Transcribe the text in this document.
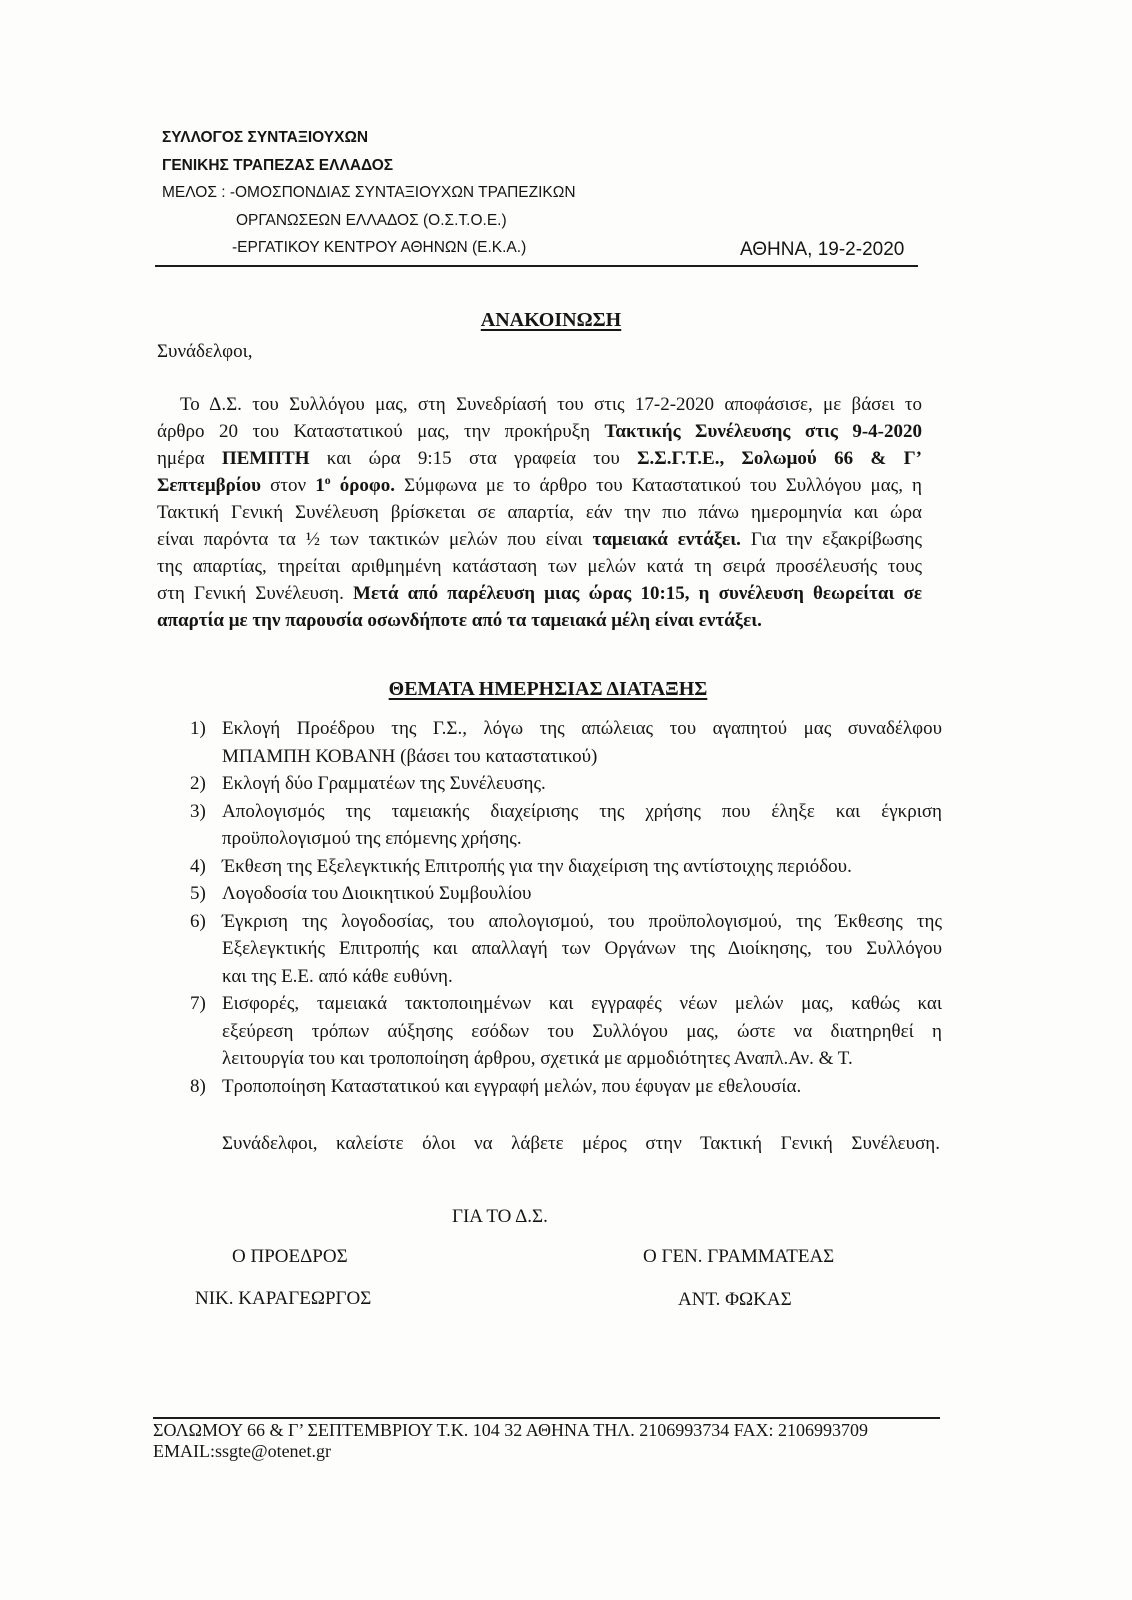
ΣΥΛΛΟΓΟΣ ΣΥΝΤΑΞΙΟΥΧΩΝ
ΓΕΝΙΚΗΣ ΤΡΑΠΕΖΑΣ ΕΛΛΑΔΟΣ
ΜΕΛΟΣ : -ΟΜΟΣΠΟΝΔΙΑΣ ΣΥΝΤΑΞΙΟΥΧΩΝ ΤΡΑΠΕΖΙΚΩΝ
ΟΡΓΑΝΩΣΕΩΝ ΕΛΛΑΔΟΣ (Ο.Σ.Τ.Ο.Ε.)
-ΕΡΓΑΤΙΚΟΥ ΚΕΝΤΡΟΥ ΑΘΗΝΩΝ (Ε.Κ.Α.)	ΑΘΗΝΑ, 19-2-2020
ΑΝΑΚΟΙΝΩΣΗ
Συνάδελφοι,
Το Δ.Σ. του Συλλόγου μας, στη Συνεδρίασή του στις 17-2-2020 αποφάσισε, με βάσει το
άρθρο 20 του Καταστατικού μας, την προκήρυξη Τακτικής Συνέλευσης στις 9-4-2020
ημέρα ΠΕΜΠΤΗ και ώρα 9:15 στα γραφεία του Σ.Σ.Γ.Τ.Ε., Σολωμού 66 & Γ’
Σεπτεμβρίου στον $1^o$ όροφο. Σύμφωνα με το άρθρο του Καταστατικού του Συλλόγου μας, η
Τακτική Γενική Συνέλευση βρίσκεται σε απαρτία, εάν την πιο πάνω ημερομηνία και ώρα
είναι παρόντα τα ½ των τακτικών μελών που είναι ταμειακά εντάξει. Για την εξακρίβωσης
της απαρτίας, τηρείται αριθμημένη κατάσταση των μελών κατά τη σειρά προσέλευσής τους
στη Γενική Συνέλευση. Μετά από παρέλευση μιας ώρας 10:15, η συνέλευση θεωρείται σε
απαρτία με την παρουσία οσωνδήποτε από τα ταμειακά μέλη είναι εντάξει.
ΘΕΜΑΤΑ ΗΜΕΡΗΣΙΑΣ ΔΙΑΤΑΞΗΣ
1) Εκλογή Προέδρου της Γ.Σ., λόγω της απώλειας του αγαπητού μας συναδέλφου
ΜΠΑΜΠΗ ΚΟΒΑΝΗ (βάσει του καταστατικού)
2) Εκλογή δύο Γραμματέων της Συνέλευσης.
3) Απολογισμός της ταμειακής διαχείρισης της χρήσης που έληξε και έγκριση
προϋπολογισμού της επόμενης χρήσης.
4) Έκθεση της Εξελεγκτικής Επιτροπής για την διαχείριση της αντίστοιχης περιόδου.
5) Λογοδοσία του Διοικητικού Συμβουλίου
6) Έγκριση της λογοδοσίας, του απολογισμού, του προϋπολογισμού, της Έκθεσης της
Εξελεγκτικής Επιτροπής και απαλλαγή των Οργάνων της Διοίκησης, του Συλλόγου
και της Ε.Ε. από κάθε ευθύνη.
7) Εισφορές, ταμειακά τακτοποιημένων και εγγραφές νέων μελών μας, καθώς και
εξεύρεση τρόπων αύξησης εσόδων του Συλλόγου μας, ώστε να διατηρηθεί η
λειτουργία του και τροποποίηση άρθρου, σχετικά με αρμοδιότητες Αναπλ.Αν. & Τ.
8) Τροποποίηση Καταστατικού και εγγραφή μελών, που έφυγαν με εθελουσία.
Συνάδελφοι, καλείστε όλοι να λάβετε μέρος στην Τακτική Γενική Συνέλευση.
ΓΙΑ ΤΟ Δ.Σ.
Ο ΠΡΟΕΔΡΟΣ	Ο ΓΕΝ. ΓΡΑΜΜΑΤΕΑΣ
ΝΙΚ. ΚΑΡΑΓΕΩΡΓΟΣ	ΑΝΤ. ΦΩΚΑΣ
ΣΟΛΩΜΟΥ 66 & Γ’ ΣΕΠΤΕΜΒΡΙΟΥ Τ.Κ. 104 32 ΑΘΗΝΑ ΤΗΛ. 2106993734 FAX: 2106993709
EMAIL:ssgte@otenet.gr
